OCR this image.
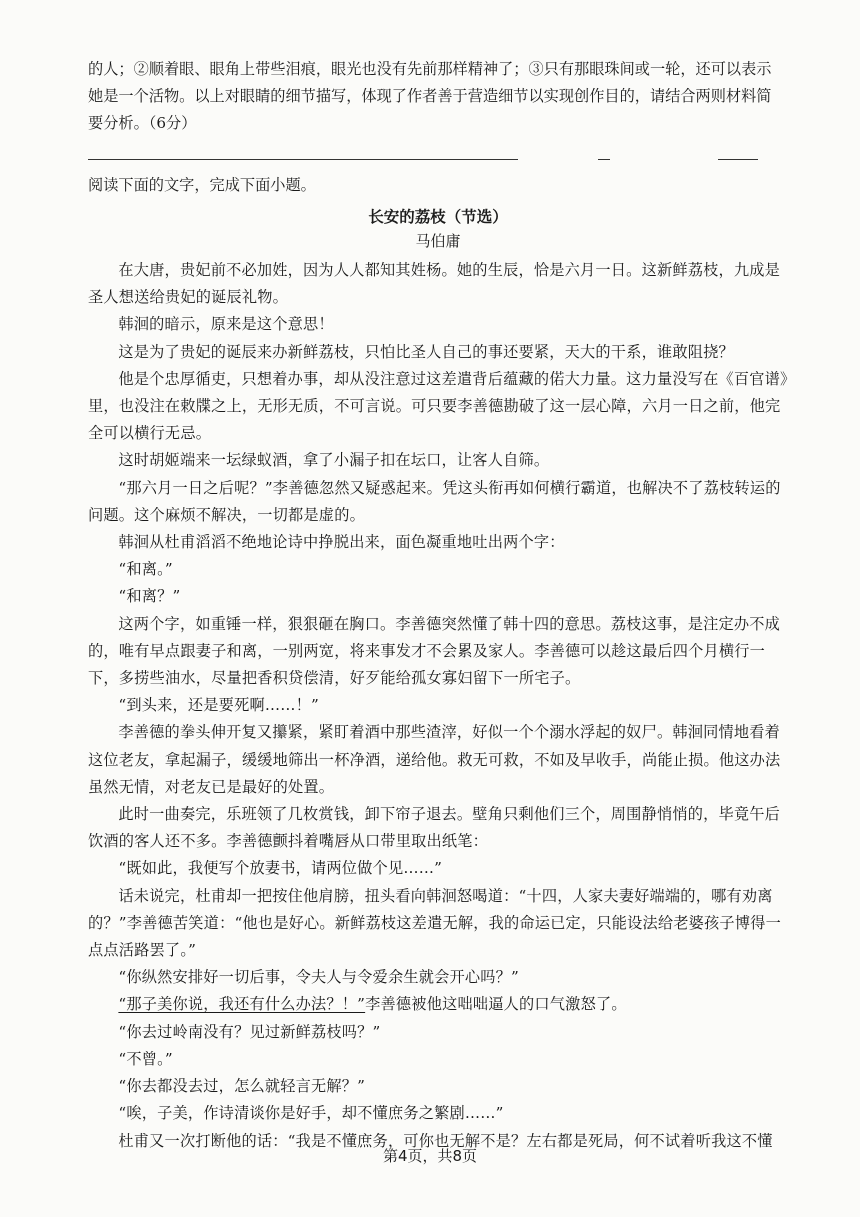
的人；②顺着眼、眼角上带些泪痕，眼光也没有先前那样精神了；③只有那眼珠间或一轮，还可以表示

她是一个活物。以上对眼睛的细节描写，体现了作者善于营造细节以实现创作目的，请结合两则材料简

要分析。（6分）

阅读下面的文字，完成下面小题。

长安的荔枝（节选）

马伯庸

在大唐，贵妃前不必加姓，因为人人都知其姓杨。她的生辰，恰是六月一日。这新鲜荔枝，九成是圣人想送给贵妃的诞辰礼物。

韩洄的暗示，原来是这个意思！

这是为了贵妃的诞辰来办新鲜荔枝，只怕比圣人自己的事还要紧，天大的干系，谁敢阻挠？

他是个忠厚循吏，只想着办事，却从没注意过这差遣背后蕴藏的偌大力量。这力量没写在《百官谱》里，也没注在敕牒之上，无形无质，不可言说。可只要李善德勘破了这一层心障，六月一日之前，他完全可以横行无忌。

这时胡姬端来一坛绿蚁酒，拿了小漏子扣在坛口，让客人自筛。

“那六月一日之后呢？”李善德忽然又疑惑起来。凭这头衔再如何横行霸道，也解决不了荔枝转运的问题。这个麻烦不解决，一切都是虚的。

韩洄从杜甫滔滔不绝地论诗中挣脱出来，面色凝重地吐出两个字：

“和离。”

“和离？”

这两个字，如重锤一样，狠狠砸在胸口。李善德突然懂了韩十四的意思。荔枝这事，是注定办不成的，唯有早点跟妻子和离，一别两宽，将来事发才不会累及家人。李善德可以趁这最后四个月横行一下，多捞些油水，尽量把香积贷偿清，好歹能给孤女寡妇留下一所宅子。

“到头来，还是要死啊……！”

李善德的拳头伸开复又攥紧，紧盯着酒中那些渣滓，好似一个个溺水浮起的奴尸。韩洄同情地看着这位老友，拿起漏子，缓缓地筛出一杯净酒，递给他。救无可救，不如及早收手，尚能止损。他这办法虽然无情，对老友已是最好的处置。

此时一曲奏完，乐班领了几枚赏钱，卸下帘子退去。壁角只剩他们三个，周围静悄悄的，毕竟午后饮酒的客人还不多。李善德颤抖着嘴唇从口带里取出纸笔：

“既如此，我便写个放妻书，请两位做个见……”

话未说完，杜甫却一把按住他肩膀，扭头看向韩洄怒喝道：“十四，人家夫妻好端端的，哪有劝离的？”李善德苦笑道：“他也是好心。新鲜荔枝这差遣无解，我的命运已定，只能设法给老婆孩子博得一点点活路罢了。”

“你纵然安排好一切后事，令夫人与令爱余生就会开心吗？”

“那子美你说，我还有什么办法？！”李善德被他这咄咄逼人的口气激怒了。

“你去过岭南没有？见过新鲜荔枝吗？”

“不曾。”

“你去都没去过，怎么就轻言无解？”

“唉，子美，作诗清谈你是好手，却不懂庶务之繁剧……”

杜甫又一次打断他的话：“我是不懂庶务，可你也无解不是？左右都是死局，何不试着听我这不懂

第4页，共8页
